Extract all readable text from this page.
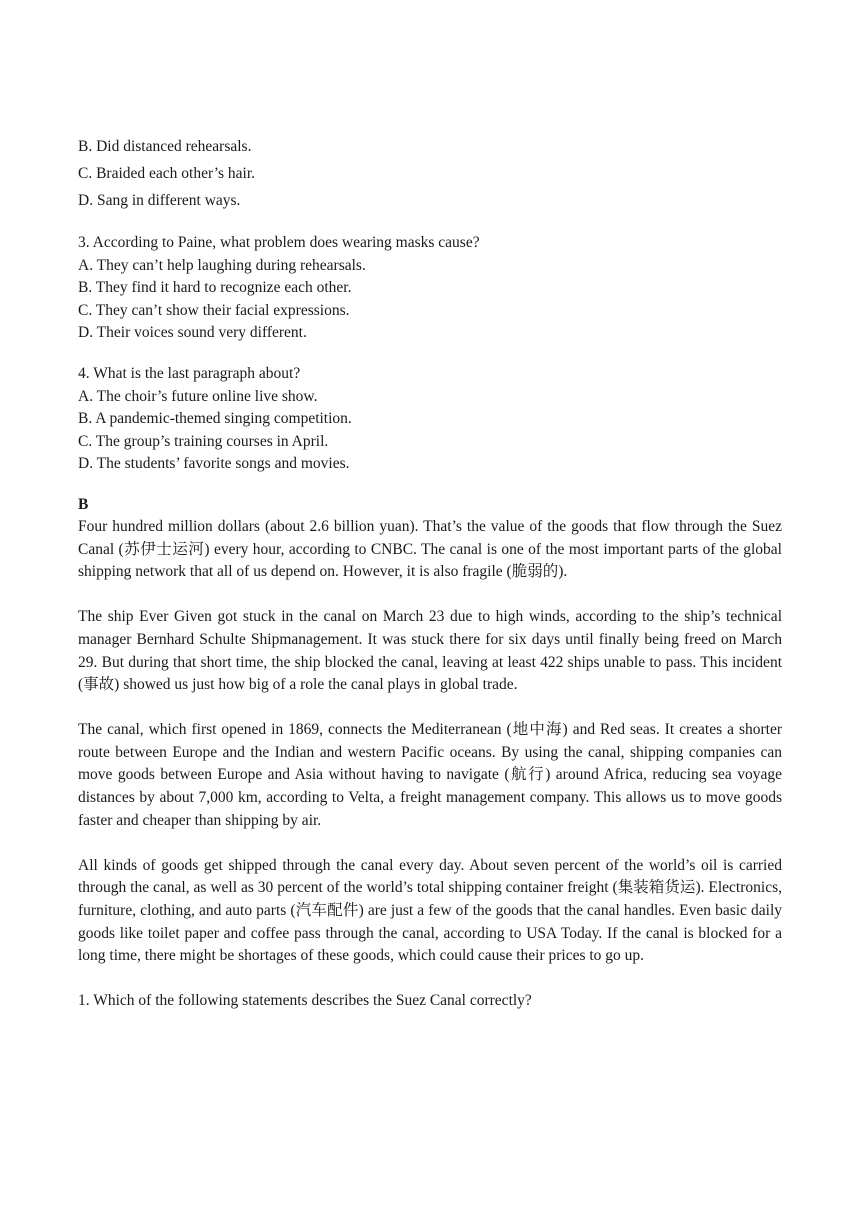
B. Did distanced rehearsals.

C. Braided each other’s hair.

D. Sang in different ways.

3. According to Paine, what problem does wearing masks cause?

A. They can’t help laughing during rehearsals.

B. They find it hard to recognize each other.

C. They can’t show their facial expressions.

D. Their voices sound very different.

4. What is the last paragraph about?

A. The choir’s future online live show.

B. A pandemic-themed singing competition.

C. The group’s training courses in April.

D. The students’ favorite songs and movies.

B

Four hundred million dollars (about 2.6 billion yuan). That’s the value of the goods that flow through the Suez Canal (苏伊士运河) every hour, according to CNBC. The canal is one of the most important parts of the global shipping network that all of us depend on. However, it is also fragile (脆弱的).

The ship Ever Given got stuck in the canal on March 23 due to high winds, according to the ship’s technical manager Bernhard Schulte Shipmanagement. It was stuck there for six days until finally being freed on March 29. But during that short time, the ship blocked the canal, leaving at least 422 ships unable to pass. This incident (事故) showed us just how big of a role the canal plays in global trade.

The canal, which first opened in 1869, connects the Mediterranean (地中海) and Red seas. It creates a shorter route between Europe and the Indian and western Pacific oceans. By using the canal, shipping companies can move goods between Europe and Asia without having to navigate (航行) around Africa, reducing sea voyage distances by about 7,000 km, according to Velta, a freight management company. This allows us to move goods faster and cheaper than shipping by air.

All kinds of goods get shipped through the canal every day. About seven percent of the world’s oil is carried through the canal, as well as 30 percent of the world’s total shipping container freight (集装箱货运). Electronics, furniture, clothing, and auto parts (汽车配件) are just a few of the goods that the canal handles. Even basic daily goods like toilet paper and coffee pass through the canal, according to USA Today. If the canal is blocked for a long time, there might be shortages of these goods, which could cause their prices to go up.

1. Which of the following statements describes the Suez Canal correctly?
